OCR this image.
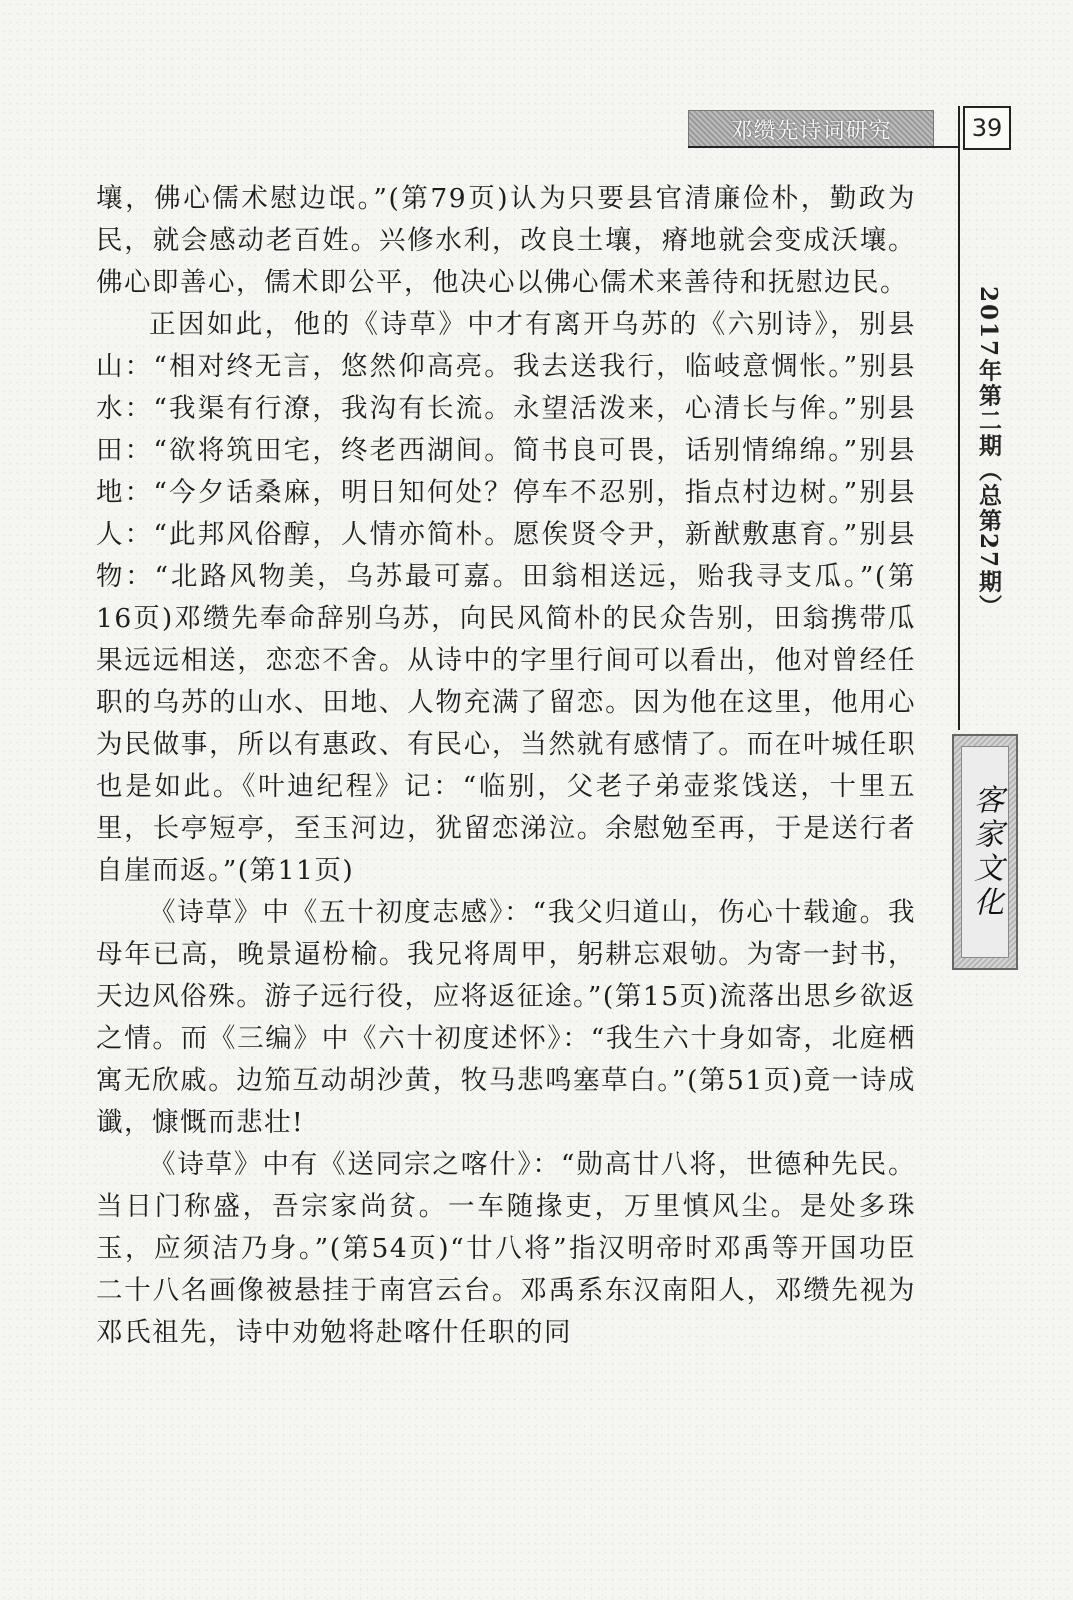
邓缵先诗词研究	39
2017年第二期（总第27期）
客家文化

壤，佛心儒术慰边氓。”(第79页)认为只要县官清廉俭朴，勤政为民，就会感动老百姓。兴修水利，改良土壤，瘠地就会变成沃壤。佛心即善心，儒术即公平，他决心以佛心儒术来善待和抚慰边民。

正因如此，他的《诗草》中才有离开乌苏的《六别诗》，别县山：“相对终无言，悠然仰高亮。我去送我行，临岐意惆怅。”别县水：“我渠有行潦，我沟有长流。永望活泼来，心清长与侔。”别县田：“欲将筑田宅，终老西湖间。简书良可畏，话别情绵绵。”别县地：“今夕话桑麻，明日知何处？停车不忍别，指点村边树。”别县人：“此邦风俗醇，人情亦简朴。愿俟贤令尹，新猷敷惠育。”别县物：“北路风物美，乌苏最可嘉。田翁相送远，贻我寻支瓜。”(第16页)邓缵先奉命辞别乌苏，向民风简朴的民众告别，田翁携带瓜果远远相送，恋恋不舍。从诗中的字里行间可以看出，他对曾经任职的乌苏的山水、田地、人物充满了留恋。因为他在这里，他用心为民做事，所以有惠政、有民心，当然就有感情了。而在叶城任职也是如此。《叶迪纪程》记：“临别，父老子弟壶浆饯送，十里五里，长亭短亭，至玉河边，犹留恋涕泣。余慰勉至再，于是送行者自崖而返。”(第11页)

《诗草》中《五十初度志感》：“我父归道山，伤心十载逾。我母年已高，晚景逼枌榆。我兄将周甲，躬耕忘艰劬。为寄一封书，天边风俗殊。游子远行役，应将返征途。”(第15页)流落出思乡欲返之情。而《三编》中《六十初度述怀》：“我生六十身如寄，北庭栖寓无欣戚。边笳互动胡沙黄，牧马悲鸣塞草白。”(第51页)竟一诗成谶，慷慨而悲壮!

《诗草》中有《送同宗之喀什》：“勋高廿八将，世德种先民。当日门称盛，吾宗家尚贫。一车随掾吏，万里慎风尘。是处多珠玉，应须洁乃身。”(第54页)“廿八将”指汉明帝时邓禹等开国功臣二十八名画像被悬挂于南宫云台。邓禹系东汉南阳人，邓缵先视为邓氏祖先，诗中劝勉将赴喀什任职的同
